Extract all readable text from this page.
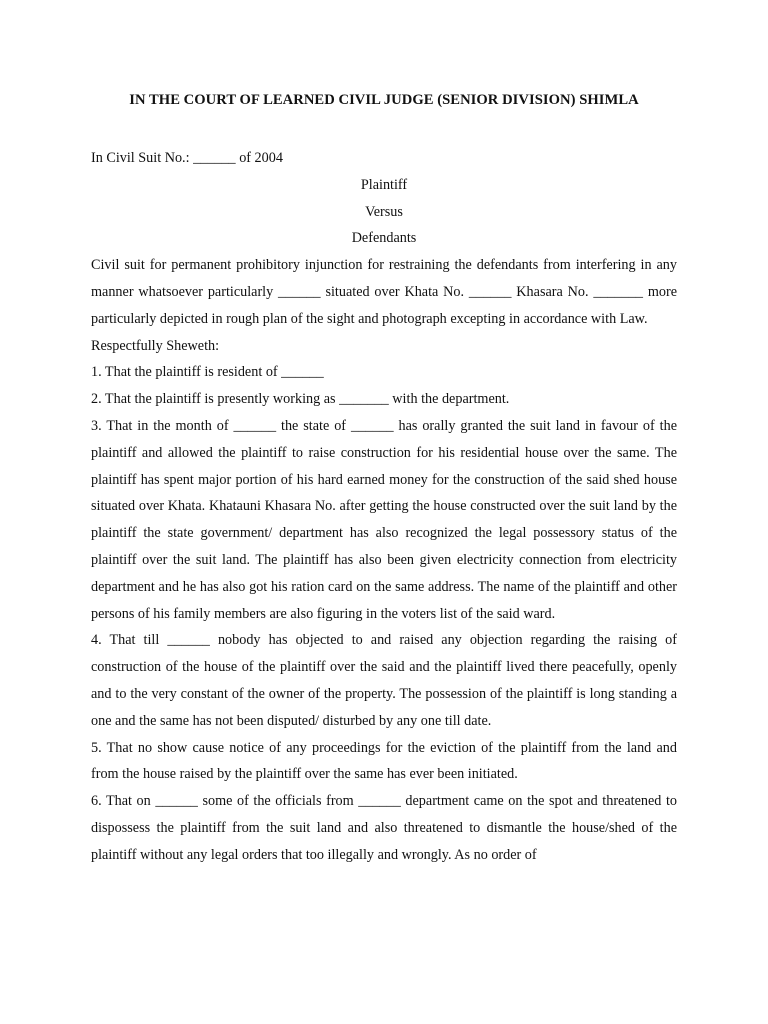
IN THE COURT OF LEARNED CIVIL JUDGE (SENIOR DIVISION) SHIMLA

In Civil Suit No.: ______ of 2004

Plaintiff

Versus

Defendants

Civil suit for permanent prohibitory injunction for restraining the defendants from interfering in any manner whatsoever particularly ______ situated over Khata No. ______ Khasara No. _______ more particularly depicted in rough plan of the sight and photograph excepting in accordance with Law.

Respectfully Sheweth:

1. That the plaintiff is resident of ______

2. That the plaintiff is presently working as _______ with the department.

3. That in the month of ______ the state of ______ has orally granted the suit land in favour of the plaintiff and allowed the plaintiff to raise construction for his residential house over the same. The plaintiff has spent major portion of his hard earned money for the construction of the said shed house situated over Khata. Khatauni Khasara No. after getting the house constructed over the suit land by the plaintiff the state government/ department has also recognized the legal possessory status of the plaintiff over the suit land. The plaintiff has also been given electricity connection from electricity department and he has also got his ration card on the same address. The name of the plaintiff and other persons of his family members are also figuring in the voters list of the said ward.

4. That till ______ nobody has objected to and raised any objection regarding the raising of construction of the house of the plaintiff over the said and the plaintiff lived there peacefully, openly and to the very constant of the owner of the property. The possession of the plaintiff is long standing a one and the same has not been disputed/ disturbed by any one till date.

5. That no show cause notice of any proceedings for the eviction of the plaintiff from the land and from the house raised by the plaintiff over the same has ever been initiated.

6. That on ______ some of the officials from ______ department came on the spot and threatened to dispossess the plaintiff from the suit land and also threatened to dismantle the house/shed of the plaintiff without any legal orders that too illegally and wrongly. As no order of
